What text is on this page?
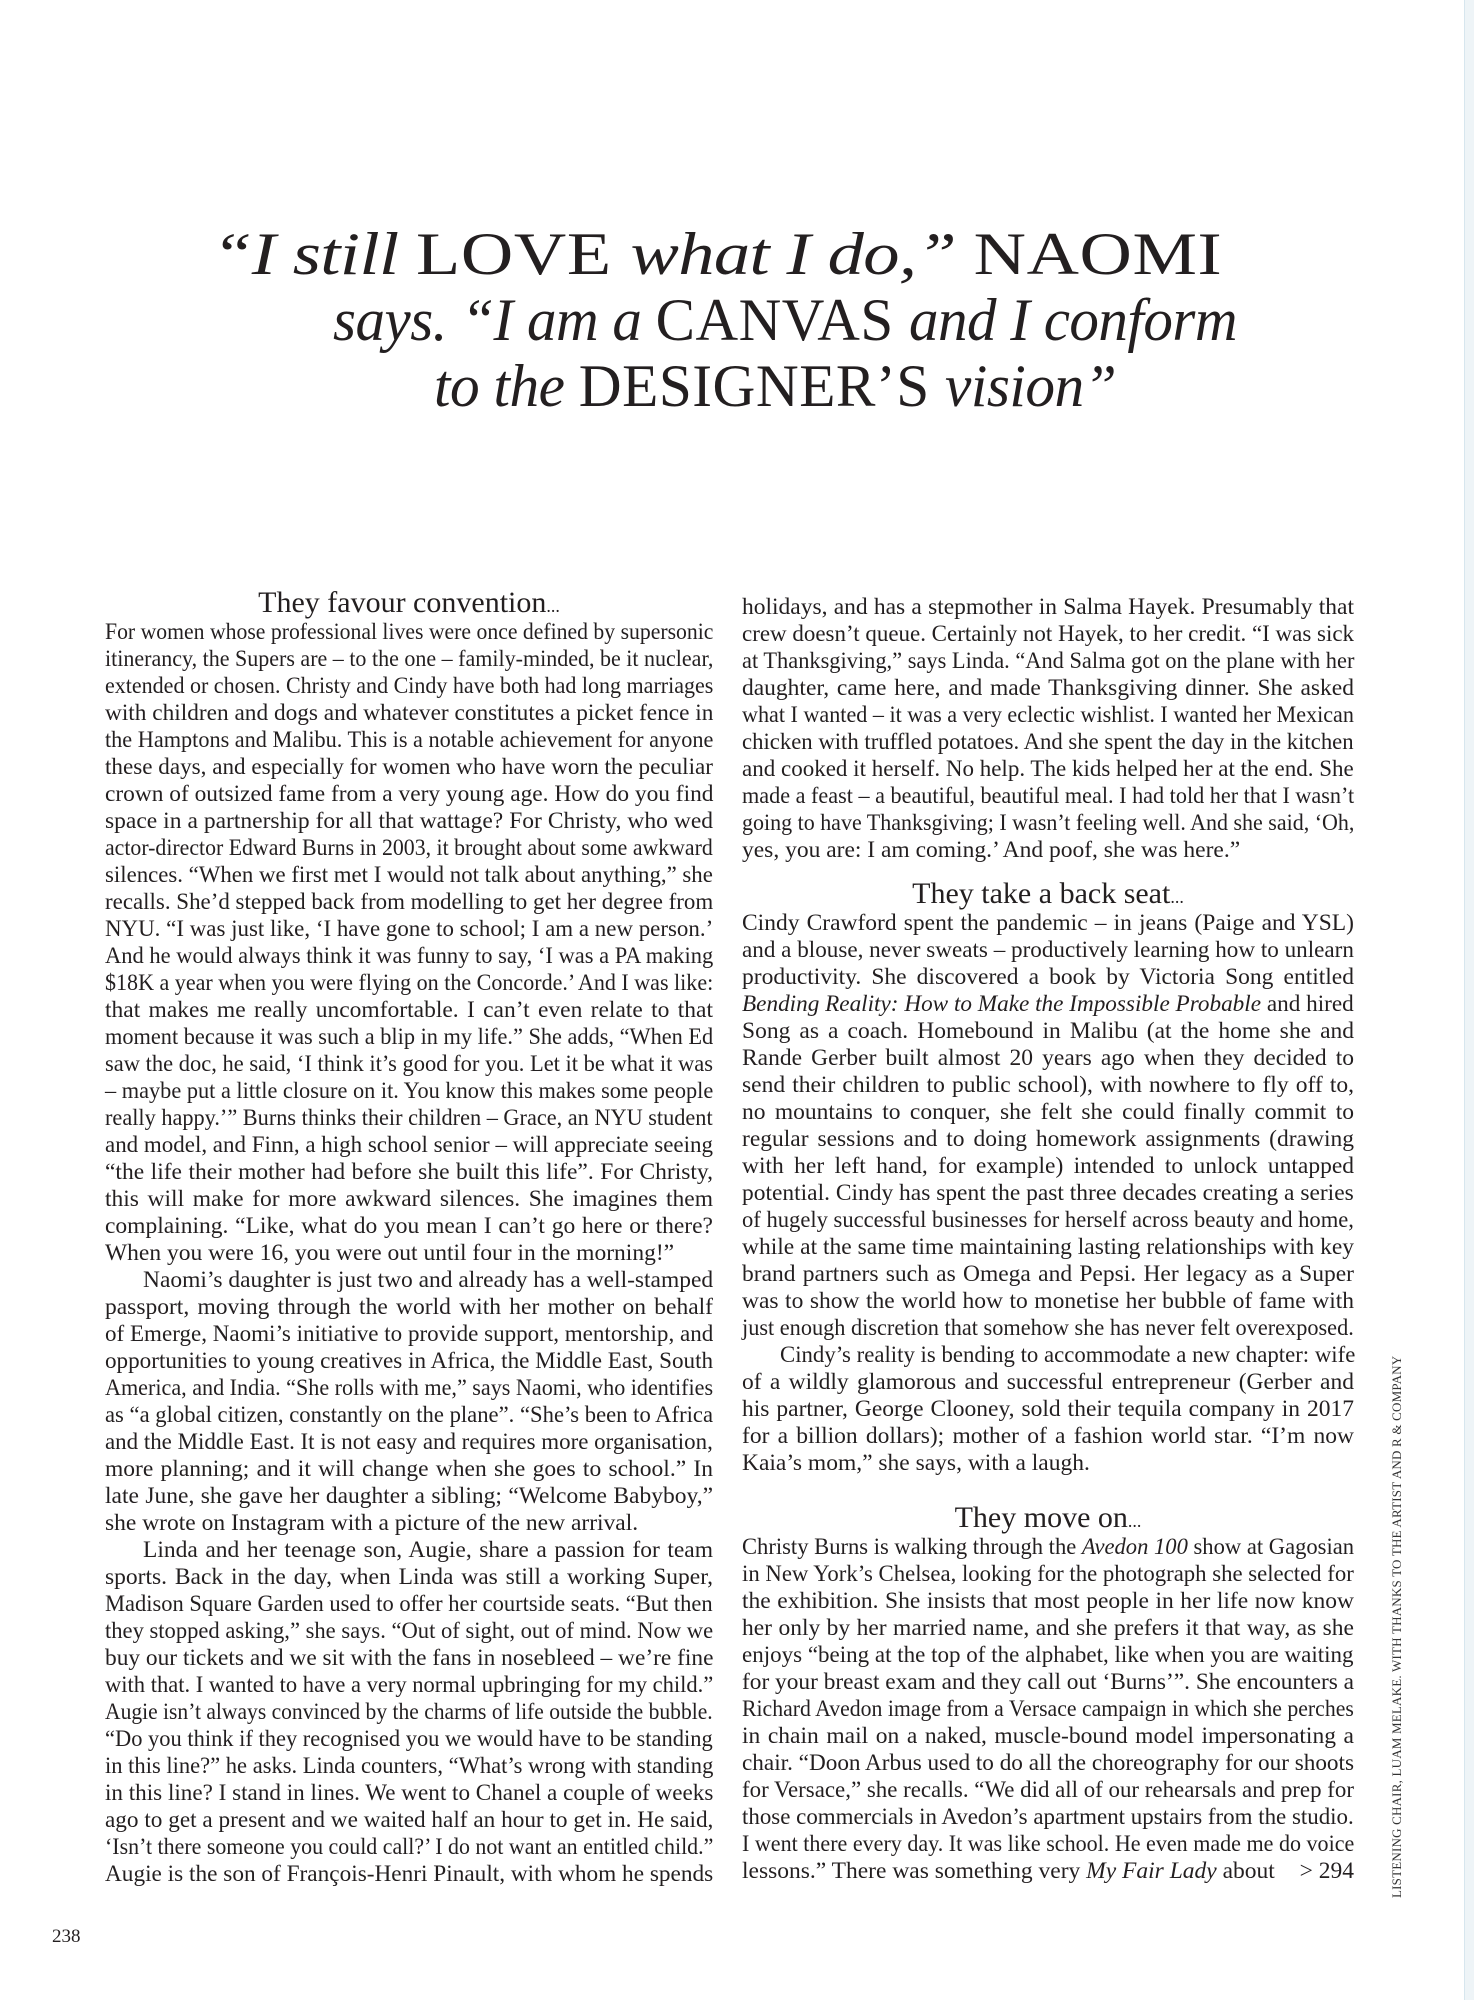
“I still LOVE what I do,” NAOMI
says. “I am a CANVAS and I conform
to the DESIGNER’S vision”
They favour convention...
For women whose professional lives were once defined by supersonic
itinerancy, the Supers are – to the one – family-minded, be it nuclear,
extended or chosen. Christy and Cindy have both had long marriages
with children and dogs and whatever constitutes a picket fence in
the Hamptons and Malibu. This is a notable achievement for anyone
these days, and especially for women who have worn the peculiar
crown of outsized fame from a very young age. How do you find
space in a partnership for all that wattage? For Christy, who wed
actor-director Edward Burns in 2003, it brought about some awkward
silences. “When we first met I would not talk about anything,” she
recalls. She’d stepped back from modelling to get her degree from
NYU. “I was just like, ‘I have gone to school; I am a new person.’
And he would always think it was funny to say, ‘I was a PA making
$18K a year when you were flying on the Concorde.’ And I was like:
that makes me really uncomfortable. I can’t even relate to that
moment because it was such a blip in my life.” She adds, “When Ed
saw the doc, he said, ‘I think it’s good for you. Let it be what it was
– maybe put a little closure on it. You know this makes some people
really happy.’” Burns thinks their children – Grace, an NYU student
and model, and Finn, a high school senior – will appreciate seeing
“the life their mother had before she built this life”. For Christy,
this will make for more awkward silences. She imagines them
complaining. “Like, what do you mean I can’t go here or there?
When you were 16, you were out until four in the morning!”
Naomi’s daughter is just two and already has a well-stamped
passport, moving through the world with her mother on behalf
of Emerge, Naomi’s initiative to provide support, mentorship, and
opportunities to young creatives in Africa, the Middle East, South
America, and India. “She rolls with me,” says Naomi, who identifies
as “a global citizen, constantly on the plane”. “She’s been to Africa
and the Middle East. It is not easy and requires more organisation,
more planning; and it will change when she goes to school.” In
late June, she gave her daughter a sibling; “Welcome Babyboy,”
she wrote on Instagram with a picture of the new arrival.
Linda and her teenage son, Augie, share a passion for team
sports. Back in the day, when Linda was still a working Super,
Madison Square Garden used to offer her courtside seats. “But then
they stopped asking,” she says. “Out of sight, out of mind. Now we
buy our tickets and we sit with the fans in nosebleed – we’re fine
with that. I wanted to have a very normal upbringing for my child.”
Augie isn’t always convinced by the charms of life outside the bubble.
“Do you think if they recognised you we would have to be standing
in this line?” he asks. Linda counters, “What’s wrong with standing
in this line? I stand in lines. We went to Chanel a couple of weeks
ago to get a present and we waited half an hour to get in. He said,
‘Isn’t there someone you could call?’ I do not want an entitled child.”
Augie is the son of François-Henri Pinault, with whom he spends
They take a back seat...
They move on...
holidays, and has a stepmother in Salma Hayek. Presumably that
crew doesn’t queue. Certainly not Hayek, to her credit. “I was sick
at Thanksgiving,” says Linda. “And Salma got on the plane with her
daughter, came here, and made Thanksgiving dinner. She asked
what I wanted – it was a very eclectic wishlist. I wanted her Mexican
chicken with truffled potatoes. And she spent the day in the kitchen
and cooked it herself. No help. The kids helped her at the end. She
made a feast – a beautiful, beautiful meal. I had told her that I wasn’t
going to have Thanksgiving; I wasn’t feeling well. And she said, ‘Oh,
yes, you are: I am coming.’ And poof, she was here.”
Cindy Crawford spent the pandemic – in jeans (Paige and YSL)
and a blouse, never sweats – productively learning how to unlearn
productivity. She discovered a book by Victoria Song entitled
Bending Reality: How to Make the Impossible Probable and hired
Song as a coach. Homebound in Malibu (at the home she and
Rande Gerber built almost 20 years ago when they decided to
send their children to public school), with nowhere to fly off to,
no mountains to conquer, she felt she could finally commit to
regular sessions and to doing homework assignments (drawing
with her left hand, for example) intended to unlock untapped
potential. Cindy has spent the past three decades creating a series
of hugely successful businesses for herself across beauty and home,
while at the same time maintaining lasting relationships with key
brand partners such as Omega and Pepsi. Her legacy as a Super
was to show the world how to monetise her bubble of fame with
just enough discretion that somehow she has never felt overexposed.
Cindy’s reality is bending to accommodate a new chapter: wife
of a wildly glamorous and successful entrepreneur (Gerber and
his partner, George Clooney, sold their tequila company in 2017
for a billion dollars); mother of a fashion world star. “I’m now
Kaia’s mom,” she says, with a laugh.
Christy Burns is walking through the Avedon 100 show at Gagosian
in New York’s Chelsea, looking for the photograph she selected for
the exhibition. She insists that most people in her life now know
her only by her married name, and she prefers it that way, as she
enjoys “being at the top of the alphabet, like when you are waiting
for your breast exam and they call out ‘Burns’”. She encounters a
Richard Avedon image from a Versace campaign in which she perches
in chain mail on a naked, muscle-bound model impersonating a
chair. “Doon Arbus used to do all the choreography for our shoots
for Versace,” she recalls. “We did all of our rehearsals and prep for
those commercials in Avedon’s apartment upstairs from the studio.
I went there every day. It was like school. He even made me do voice
lessons.” There was something very My Fair Lady about > 294
238
LISTENING CHAIR, LUAM MELAKE. WITH THANKS TO THE ARTIST AND R & COMPANY
